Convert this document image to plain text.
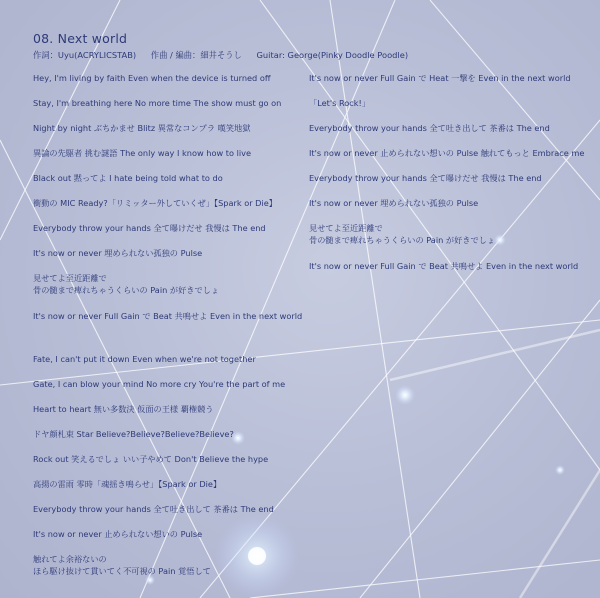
08. Next world
作詞：Uyu(ACRYLICSTAB) 作曲 / 編曲：細井そうし Guitar: George(Pinky Doodle Poodle)
Hey, I'm living by faith Even when the device is turned off
Stay, I'm breathing here No more time The show must go on
Night by night ぶちかませ Blitz 異常なコンプラ 嘆笑地獄
異論の先駆者 挑む謎語 The only way I know how to live
Black out 黙ってよ I hate being told what to do
衝動の MIC Ready?「リミッター外していくぜ」【Spark or Die】
Everybody throw your hands 全て曝けだせ 我慢は The end
It's now or never 埋められない孤独の Pulse
見せてよ至近距離で
骨の髄まで痺れちゃうくらいの Pain が好きでしょ
It's now or never Full Gain で Beat 共鳴せよ Even in the next world
Fate, I can't put it down Even when we're not together
Gate, I can blow your mind No more cry You're the part of me
Heart to heart 無い多数決 仮面の王様 覇権競う
ドヤ顔札束 Star Believe?Believe?Believe?Believe?
Rock out 笑えるでしょ いい子やめて Don't Believe the hype
高揚の雷雨 零時「魂揺き鳴らせ」【Spark or Die】
Everybody throw your hands 全て吐き出して 茶番は The end
It's now or never 止められない想いの Pulse
触れてよ余裕ないの
ほら駆け抜けて貫いてく不可視の Pain 覚悟して
It's now or never Full Gain で Heat 一撃を Even in the next world
「Let's Rock!」
Everybody throw your hands 全て吐き出して 茶番は The end
It's now or never 止められない想いの Pulse 触れてもっと Embrace me
Everybody throw your hands 全て曝けだせ 我慢は The end
It's now or never 埋められない孤独の Pulse
見せてよ至近距離で
骨の髄まで痺れちゃうくらいの Pain が好きでしょ
It's now or never Full Gain で Beat 共鳴せよ Even in the next world
